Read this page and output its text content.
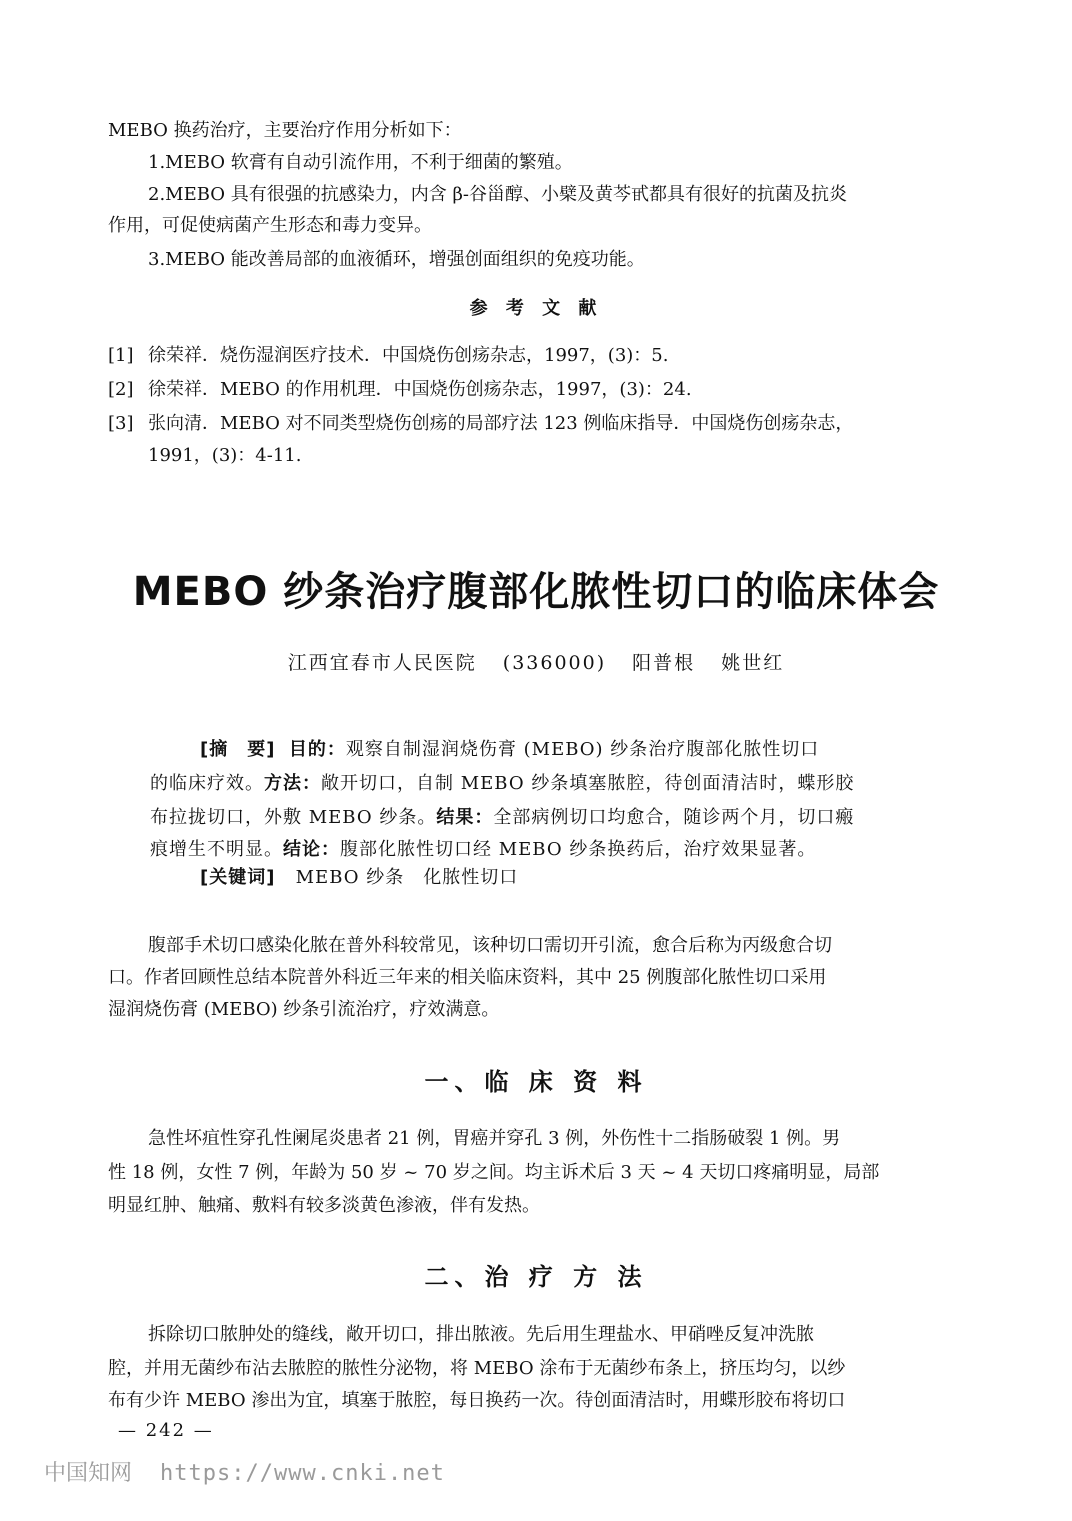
MEBO 换药治疗，主要治疗作用分析如下：
1.MEBO 软膏有自动引流作用，不利于细菌的繁殖。
2.MEBO 具有很强的抗感染力，内含 β-谷甾醇、小檗及黄芩甙都具有很好的抗菌及抗炎
作用，可促使病菌产生形态和毒力变异。
3.MEBO 能改善局部的血液循环，增强创面组织的免疫功能。
参 考 文 献
[1] 徐荣祥．烧伤湿润医疗技术．中国烧伤创疡杂志，1997，(3)：5.
[2] 徐荣祥．MEBO 的作用机理．中国烧伤创疡杂志，1997，(3)：24.
[3] 张向清．MEBO 对不同类型烧伤创疡的局部疗法 123 例临床指导．中国烧伤创疡杂志，
1991，(3)：4-11.
MEBO 纱条治疗腹部化脓性切口的临床体会
江西宜春市人民医院 (336000) 阳普根 姚世红
[摘　要] 目的：观察自制湿润烧伤膏 (MEBO) 纱条治疗腹部化脓性切口
的临床疗效。方法：敞开切口，自制 MEBO 纱条填塞脓腔，待创面清洁时，蝶形胶
布拉拢切口，外敷 MEBO 纱条。结果：全部病例切口均愈合，随诊两个月，切口瘢
痕增生不明显。结论：腹部化脓性切口经 MEBO 纱条换药后，治疗效果显著。
[关键词] MEBO 纱条　化脓性切口
腹部手术切口感染化脓在普外科较常见，该种切口需切开引流，愈合后称为丙级愈合切
口。作者回顾性总结本院普外科近三年来的相关临床资料，其中 25 例腹部化脓性切口采用
湿润烧伤膏 (MEBO) 纱条引流治疗，疗效满意。
一、临 床 资 料
急性坏疽性穿孔性阑尾炎患者 21 例，胃癌并穿孔 3 例，外伤性十二指肠破裂 1 例。男
性 18 例，女性 7 例，年龄为 50 岁 ~ 70 岁之间。均主诉术后 3 天 ~ 4 天切口疼痛明显，局部
明显红肿、触痛、敷料有较多淡黄色渗液，伴有发热。
二、治 疗 方 法
拆除切口脓肿处的缝线，敞开切口，排出脓液。先后用生理盐水、甲硝唑反复冲洗脓
腔，并用无菌纱布沾去脓腔的脓性分泌物，将 MEBO 涂布于无菌纱布条上，挤压均匀，以纱
布有少许 MEBO 渗出为宜，填塞于脓腔，每日换药一次。待创面清洁时，用蝶形胶布将切口
— 242 —
中国知网 https://www.cnki.net
